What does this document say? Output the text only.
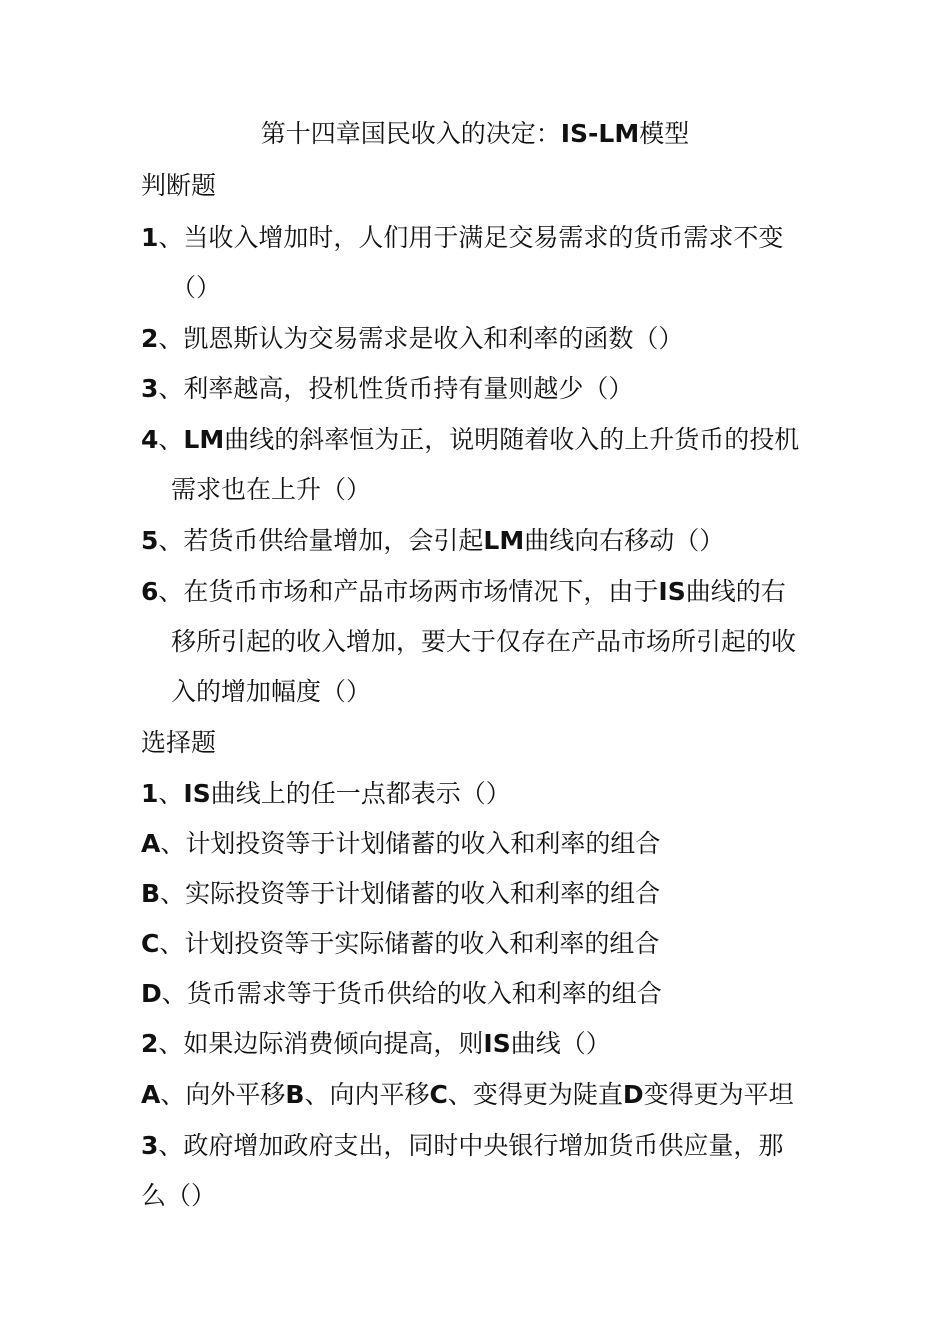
第十四章国民收入的决定：IS-LM模型
判断题
1、当收入增加时，人们用于满足交易需求的货币需求不变
（）
2、凯恩斯认为交易需求是收入和利率的函数（）
3、利率越高，投机性货币持有量则越少（）
4、LM曲线的斜率恒为正，说明随着收入的上升货币的投机
需求也在上升（）
5、若货币供给量增加，会引起LM曲线向右移动（）
6、在货币市场和产品市场两市场情况下，由于IS曲线的右
移所引起的收入增加，要大于仅存在产品市场所引起的收
入的增加幅度（）
选择题
1、IS曲线上的任一点都表示（）
A、计划投资等于计划储蓄的收入和利率的组合
B、实际投资等于计划储蓄的收入和利率的组合
C、计划投资等于实际储蓄的收入和利率的组合
D、货币需求等于货币供给的收入和利率的组合
2、如果边际消费倾向提高，则IS曲线（）
A、向外平移B、向内平移C、变得更为陡直D变得更为平坦
3、政府增加政府支出，同时中央银行增加货币供应量，那
么（）
